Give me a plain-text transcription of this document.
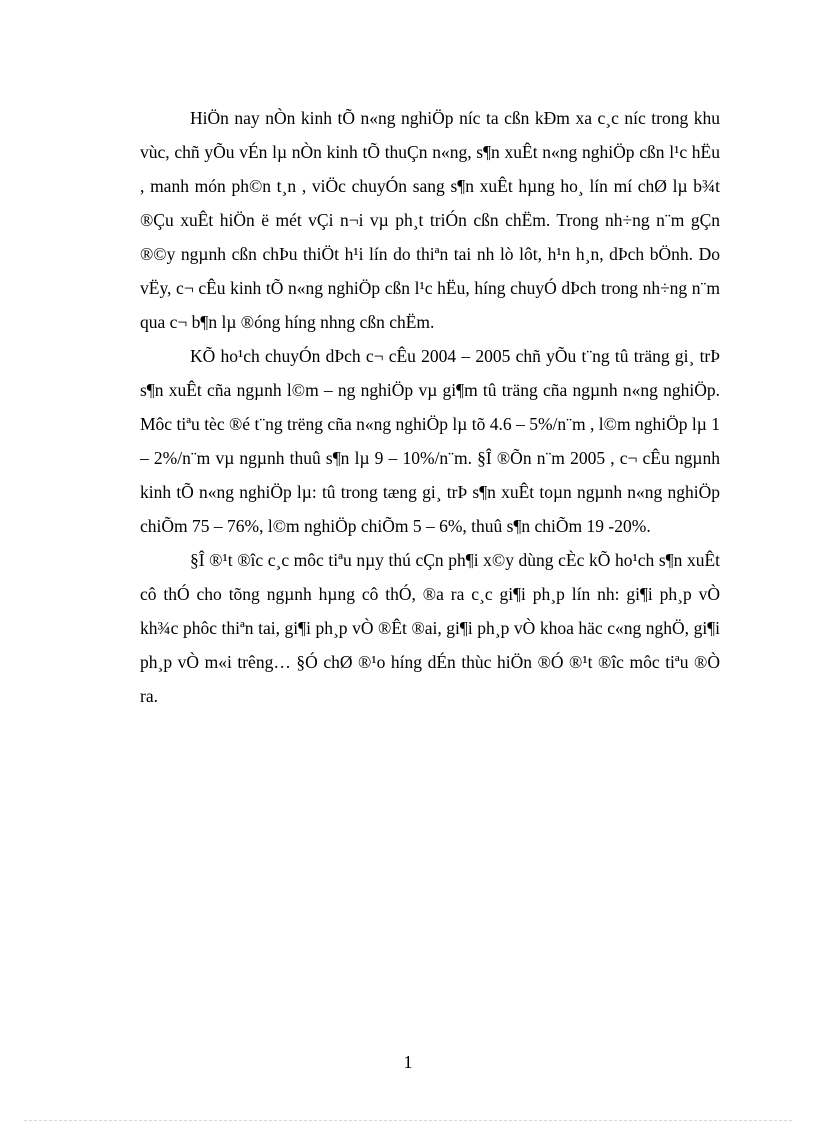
HiÖn nay nÒn kinh tÕ n«ng nghiÖp níc ta cßn kÐm xa c¸c níc trong khu vùc, chñ yÕu vÉn lµ nÒn kinh tÕ thuÇn n«ng, s¶n xuÊt n«ng nghiÖp cßn l¹c hËu , manh món ph©n t¸n , viÖc chuyÓn sang s¶n xuÊt hµng ho¸ lín mí chØ lµ b¾t ®Çu xuÊt hiÖn ë mét vÇi n¬i vµ ph¸t triÓn cßn chËm. Trong nh÷ng n¨m gÇn ®©y ngµnh cßn chÞu thiÖt h¹i lín do thiªn tai nh lò lôt, h¹n h¸n, dÞch bÖnh. Do vËy, c¬ cÊu kinh tÕ n«ng nghiÖp cßn l¹c hËu, híng chuyÓ dÞch trong nh÷ng n¨m qua c¬ b¶n lµ ®óng híng nhng cßn chËm.

KÕ ho¹ch chuyÓn dÞch c¬ cÊu 2004 – 2005 chñ yÕu t¨ng tû träng gi¸ trÞ s¶n xuÊt cña ngµnh l©m – ng nghiÖp vµ gi¶m tû träng cña ngµnh n«ng nghiÖp. Môc tiªu tèc ®é t¨ng trëng cña n«ng nghiÖp lµ tõ 4.6 – 5%/n¨m , l©m nghiÖp lµ 1 – 2%/n¨m vµ ngµnh thuû s¶n lµ 9 – 10%/n¨m. §Î ®Õn n¨m 2005 , c¬ cÊu ngµnh kinh tÕ n«ng nghiÖp lµ: tû trong tæng gi¸ trÞ s¶n xuÊt toµn ngµnh n«ng nghiÖp chiÕm 75 – 76%, l©m nghiÖp chiÕm 5 – 6%, thuû s¶n chiÕm 19 -20%.

§Î ®¹t ®îc c¸c môc tiªu nµy thú cÇn ph¶i x©y dùng cÈc kÕ ho¹ch s¶n xuÊt cô thÓ cho tõng ngµnh hµng cô thÓ, ®a ra c¸c gi¶i ph¸p lín nh: gi¶i ph¸p vÒ kh¾c phôc thiªn tai, gi¶i ph¸p vÒ ®Êt ®ai, gi¶i ph¸p vÒ khoa häc c«ng nghÖ, gi¶i ph¸p vÒ m«i trêng… §Ó chØ ®¹o híng dÉn thùc hiÖn ®Ó ®¹t ®îc môc tiªu ®Ò ra.

1
